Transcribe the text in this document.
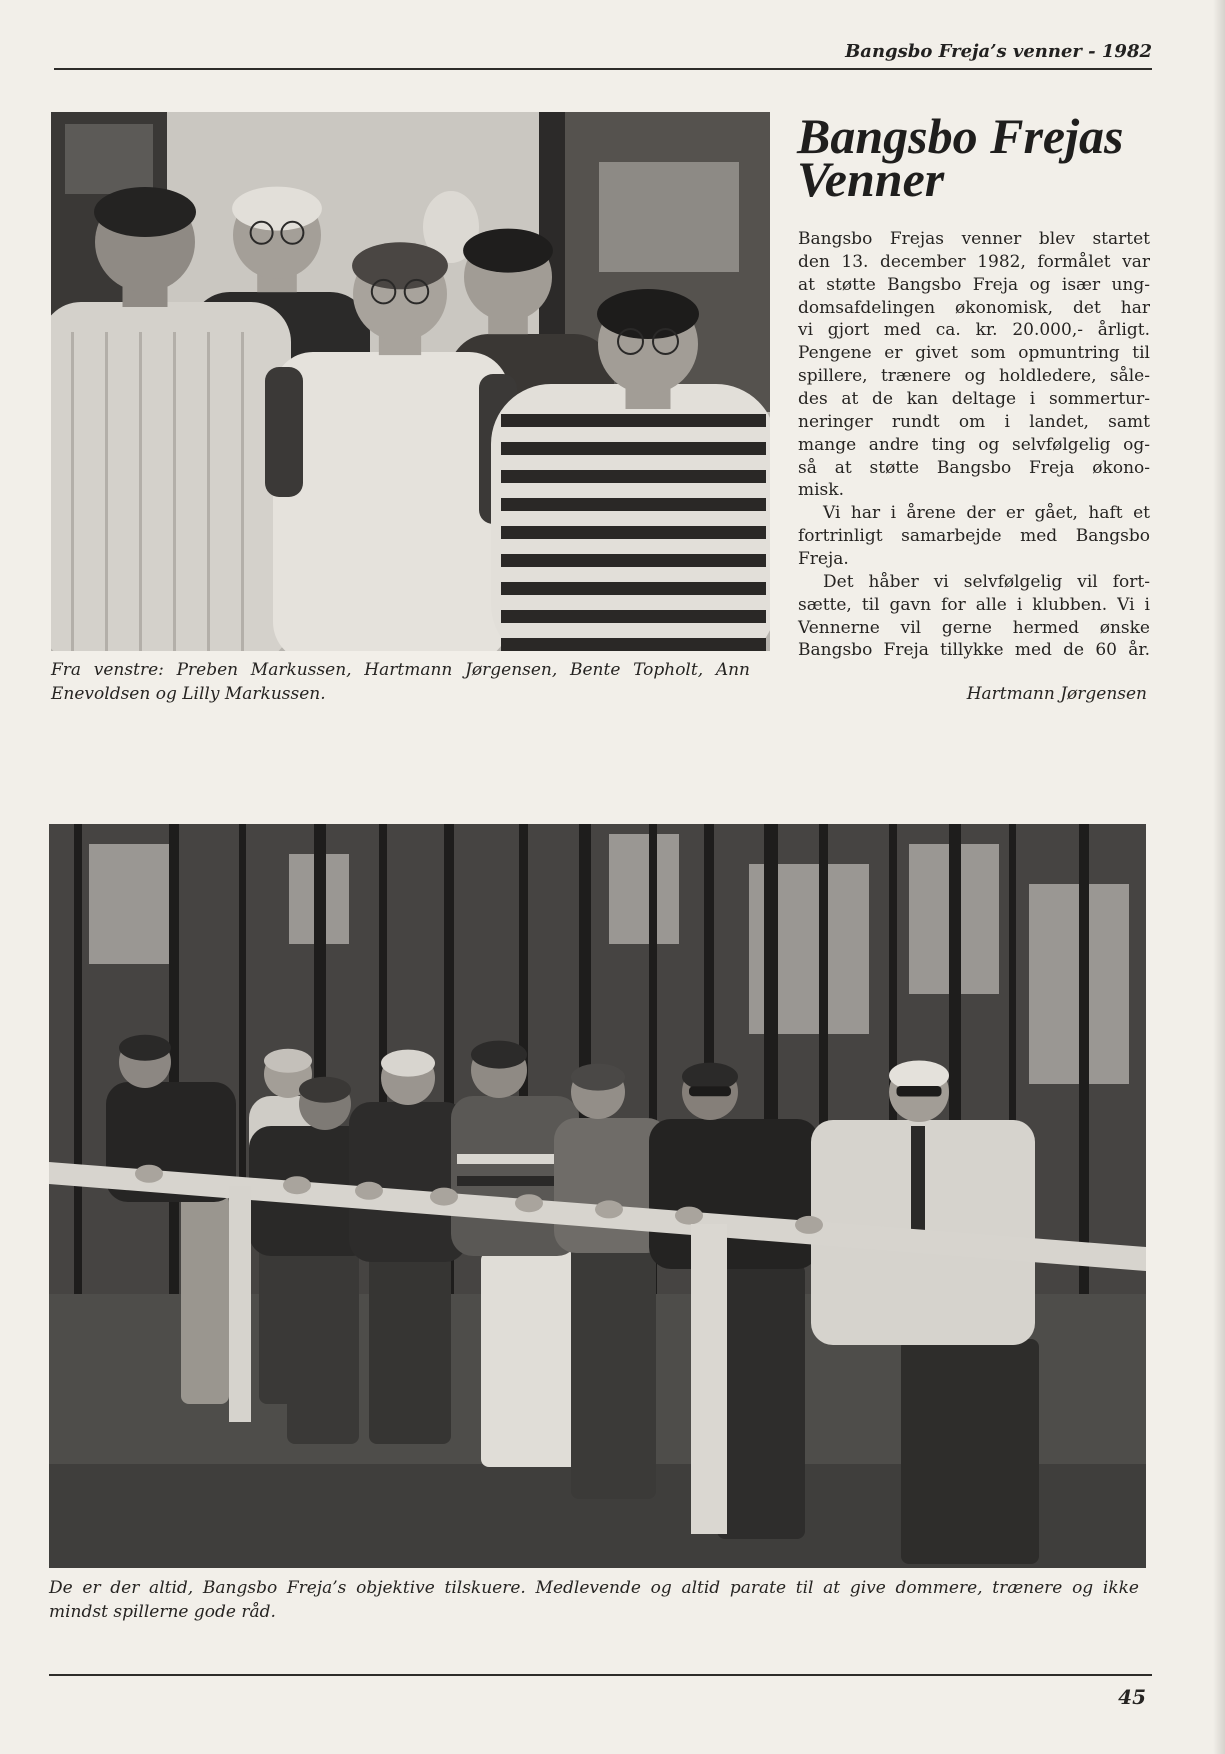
Bangsbo Freja’s venner - 1982
Bangsbo Frejas
Venner
Bangsbo Frejas venner blev startet
den 13. december 1982, formålet var
at støtte Bangsbo Freja og især ung-
domsafdelingen økonomisk, det har
vi gjort med ca. kr. 20.000,- årligt.
Pengene er givet som opmuntring til
spillere, trænere og holdledere, såle-
des at de kan deltage i sommertur-
neringer rundt om i landet, samt
mange andre ting og selvfølgelig og-
så at støtte Bangsbo Freja økono-
misk.
Vi har i årene der er gået, haft et
fortrinligt samarbejde med Bangsbo
Freja.
Det håber vi selvfølgelig vil fort-
sætte, til gavn for alle i klubben. Vi i
Vennerne vil gerne hermed ønske
Bangsbo Freja tillykke med de 60 år.
Hartmann Jørgensen
Fra venstre: Preben Markussen, Hartmann Jørgensen, Bente Topholt, Ann
Enevoldsen og Lilly Markussen.
De er der altid, Bangsbo Freja’s objektive tilskuere. Medlevende og altid parate til at give dommere, trænere og ikke
mindst spillerne gode råd.
45
